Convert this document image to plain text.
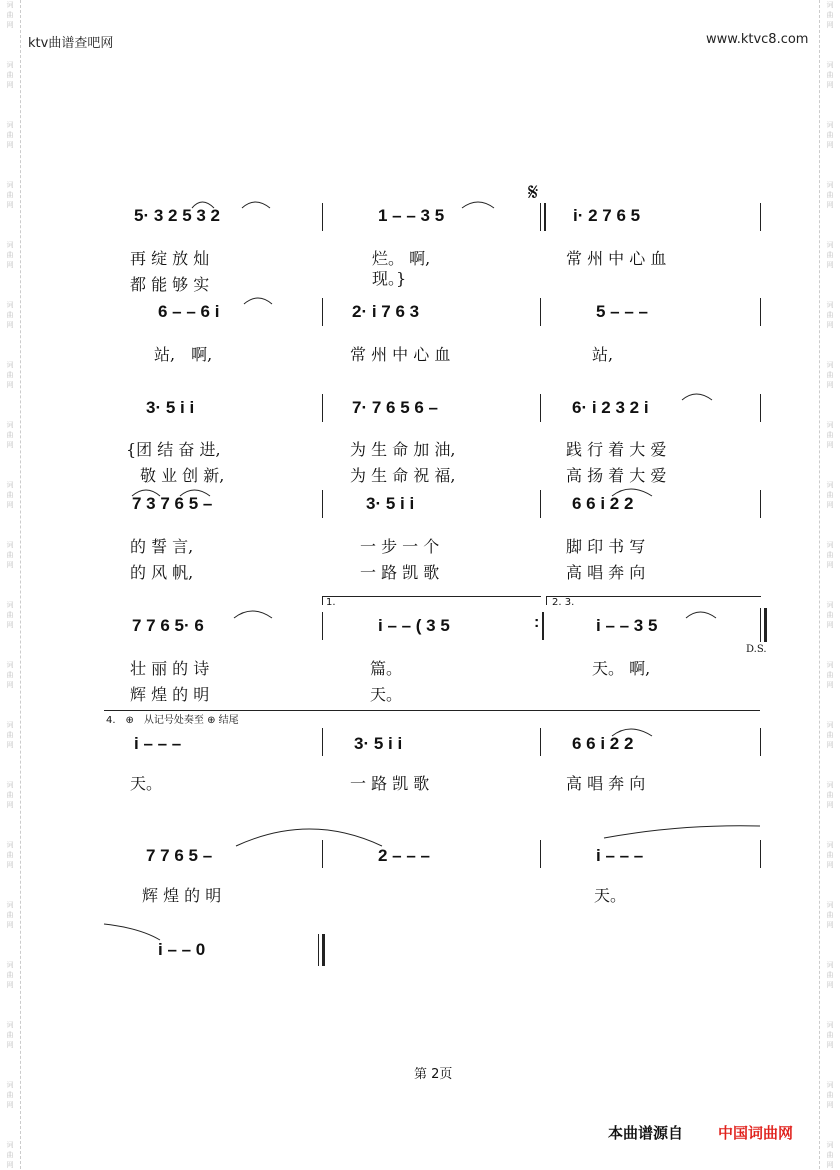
词
曲
网
词
曲
网
词
曲
网
词
曲
网
词
曲
网
词
曲
网
词
曲
网
词
曲
网
词
曲
网
词
曲
网
词
曲
网
词
曲
网
词
曲
网
词
曲
网
词
曲
网
词
曲
网
词
曲
网
词
曲
网
词
曲
网
词
曲
网
词
曲
网
词
曲
网
词
曲
网
词
曲
网
词
曲
网
词
曲
网
词
曲
网
词
曲
网
词
曲
网
词
曲
网
词
曲
网
词
曲
网
词
曲
网
词
曲
网
词
曲
网
词
曲
网
词
曲
网
词
曲
网
词
曲
网
词
曲
网
ktv曲谱查吧网	www.ktvc8.com
𝄋
5· 3 2 5 3 2	1 – – 3 5	i· 2 7 6 5
再 绽 放 灿	烂。 啊,	常 州 中 心 血
都 能 够 实	现。}
6 – – 6 i	2· i 7 6 3	5 – – –
站,　啊,	常 州 中 心 血	站,
3· 5 i i	7· 7 6 5 6 –	6· i 2 3 2 i
{团 结 奋 进,	为 生 命 加 油,	践 行 着 大 爱
敬 业 创 新,	为 生 命 祝 福,	高 扬 着 大 爱
7 3 7 6 5 –	3· 5 i i	6 6 i 2 2
的 誓 言,	一 步 一 个	脚 印 书 写
的 风 帆,	一 路 凯 歌	高 唱 奔 向
1.	2. 3.
7 7 6 5· 6	i – – ( 3 5	i – – 3 5
:
D.S.
壮 丽 的 诗	篇。	天。 啊,
辉 煌 的 明	天。
4.　⊕　从记号处奏至 ⊕ 结尾
i – – –	3· 5 i i	6 6 i 2 2
天。	一 路 凯 歌	高 唱 奔 向
7 7 6 5 –	2 – – –	i – – –
辉 煌 的 明	天。
i – – 0
第 2页
本曲谱源自 中国词曲网
